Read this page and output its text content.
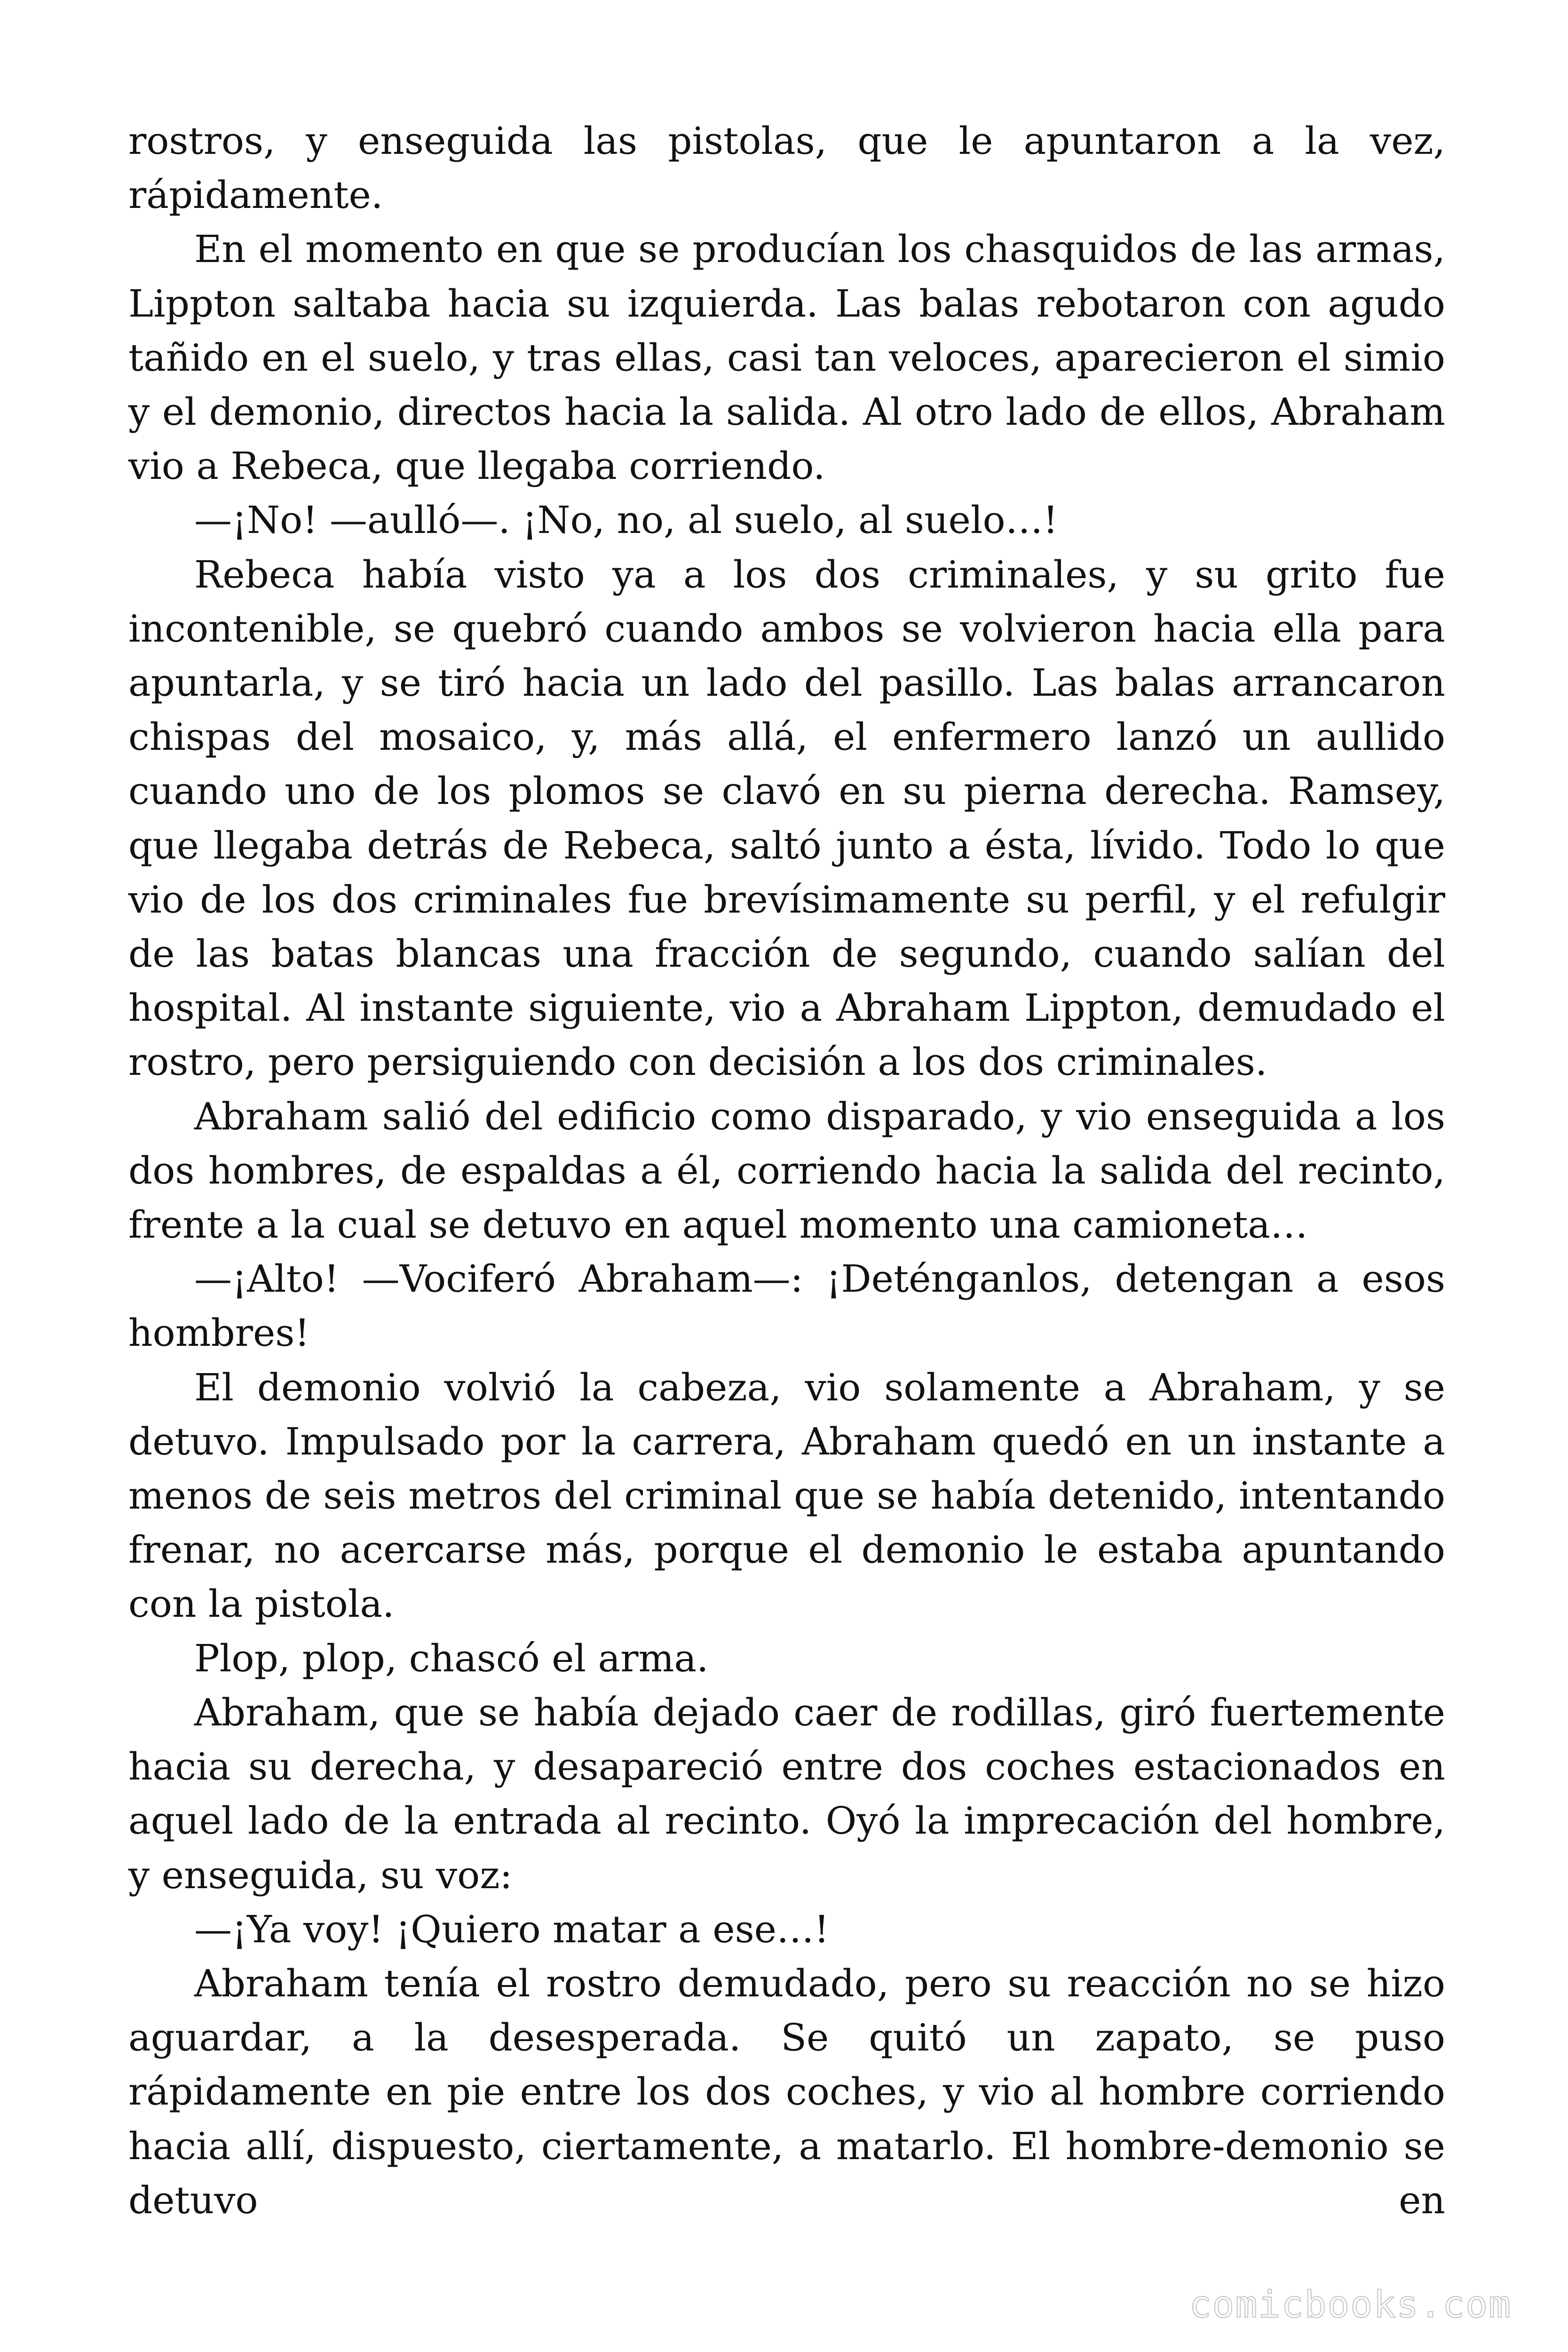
rostros, y enseguida las pistolas, que le apuntaron a la vez, rápidamente.

En el momento en que se producían los chasquidos de las armas, Lippton saltaba hacia su izquierda. Las balas rebotaron con agudo tañido en el suelo, y tras ellas, casi tan veloces, aparecieron el simio y el demonio, directos hacia la salida. Al otro lado de ellos, Abraham vio a Rebeca, que llegaba corriendo.

—¡No! —aulló—. ¡No, no, al suelo, al suelo…!

Rebeca había visto ya a los dos criminales, y su grito fue incontenible, se quebró cuando ambos se volvieron hacia ella para apuntarla, y se tiró hacia un lado del pasillo. Las balas arrancaron chispas del mosaico, y, más allá, el enfermero lanzó un aullido cuando uno de los plomos se clavó en su pierna derecha. Ramsey, que llegaba detrás de Rebeca, saltó junto a ésta, lívido. Todo lo que vio de los dos criminales fue brevísimamente su perfil, y el refulgir de las batas blancas una fracción de segundo, cuando salían del hospital. Al instante siguiente, vio a Abraham Lippton, demudado el rostro, pero persiguiendo con decisión a los dos criminales.

Abraham salió del edificio como disparado, y vio enseguida a los dos hombres, de espaldas a él, corriendo hacia la salida del recinto, frente a la cual se detuvo en aquel momento una camioneta…

—¡Alto! —Vociferó Abraham—: ¡Deténganlos, detengan a esos hombres!

El demonio volvió la cabeza, vio solamente a Abraham, y se detuvo. Impulsado por la carrera, Abraham quedó en un instante a menos de seis metros del criminal que se había detenido, intentando frenar, no acercarse más, porque el demonio le estaba apuntando con la pistola.

Plop, plop, chascó el arma.

Abraham, que se había dejado caer de rodillas, giró fuertemente hacia su derecha, y desapareció entre dos coches estacionados en aquel lado de la entrada al recinto. Oyó la imprecación del hombre, y enseguida, su voz:

—¡Ya voy! ¡Quiero matar a ese…!

Abraham tenía el rostro demudado, pero su reacción no se hizo aguardar, a la desesperada. Se quitó un zapato, se puso rápidamente en pie entre los dos coches, y vio al hombre corriendo hacia allí, dispuesto, ciertamente, a matarlo. El hombre-demonio se detuvo en

comicbooks.com
